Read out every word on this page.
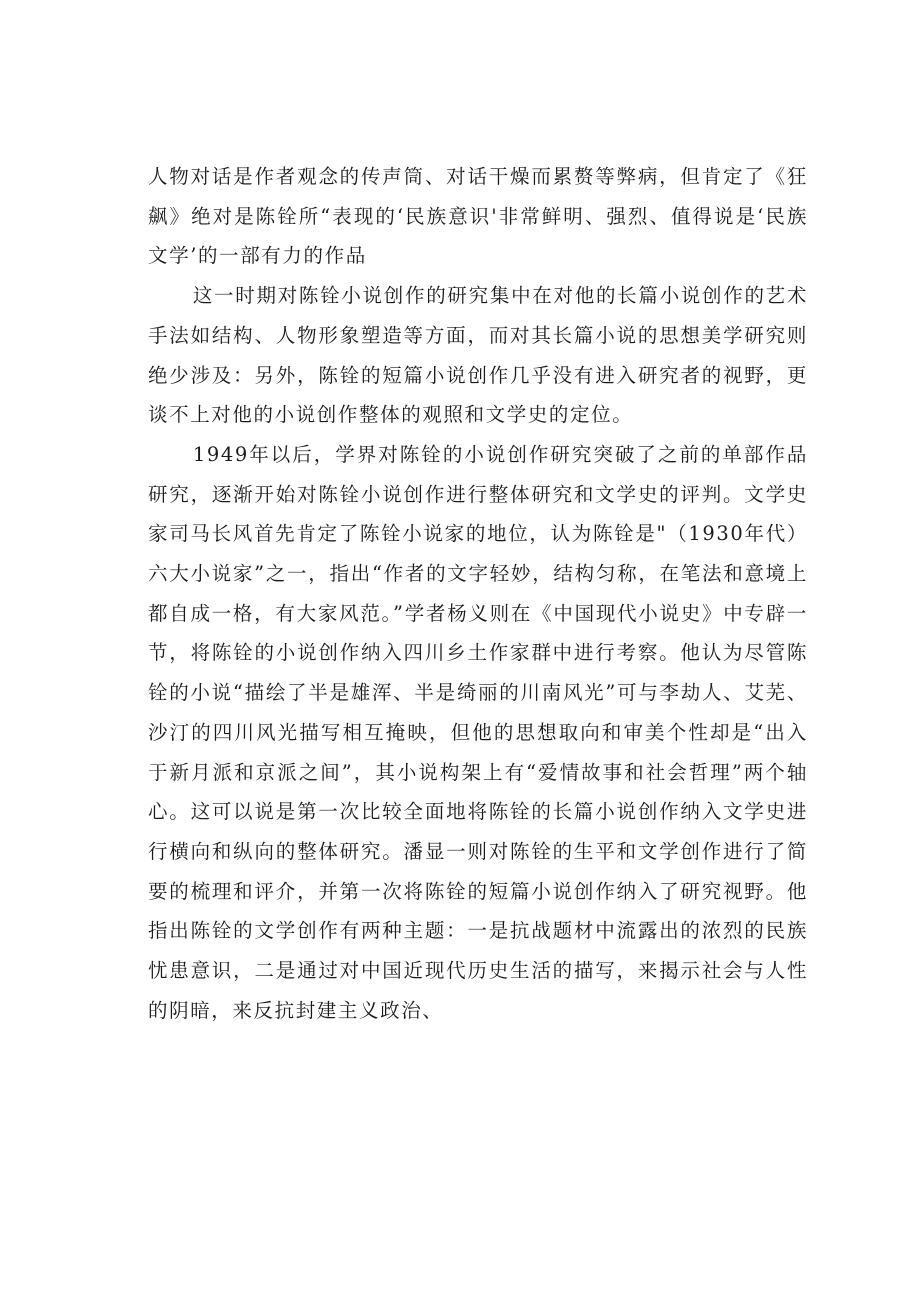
人物对话是作者观念的传声筒、对话干燥而累赘等弊病，但肯定了《狂飙》绝对是陈铨所“表现的‘民族意识'非常鲜明、强烈、值得说是‘民族文学’的一部有力的作品

这一时期对陈铨小说创作的研究集中在对他的长篇小说创作的艺术手法如结构、人物形象塑造等方面，而对其长篇小说的思想美学研究则绝少涉及：另外，陈铨的短篇小说创作几乎没有进入研究者的视野，更谈不上对他的小说创作整体的观照和文学史的定位。

1949年以后，学界对陈铨的小说创作研究突破了之前的单部作品研究，逐渐开始对陈铨小说创作进行整体研究和文学史的评判。文学史家司马长风首先肯定了陈铨小说家的地位，认为陈铨是"（1930年代）六大小说家”之一，指出“作者的文字轻妙，结构匀称，在笔法和意境上都自成一格，有大家风范。”学者杨义则在《中国现代小说史》中专辟一节，将陈铨的小说创作纳入四川乡土作家群中进行考察。他认为尽管陈铨的小说“描绘了半是雄浑、半是绮丽的川南风光”可与李劫人、艾芜、沙汀的四川风光描写相互掩映，但他的思想取向和审美个性却是“出入于新月派和京派之间”，其小说构架上有“爱情故事和社会哲理”两个轴心。这可以说是第一次比较全面地将陈铨的长篇小说创作纳入文学史进行横向和纵向的整体研究。潘显一则对陈铨的生平和文学创作进行了简要的梳理和评介，并第一次将陈铨的短篇小说创作纳入了研究视野。他指出陈铨的文学创作有两种主题：一是抗战题材中流露出的浓烈的民族忧患意识，二是通过对中国近现代历史生活的描写，来揭示社会与人性的阴暗，来反抗封建主义政治、
